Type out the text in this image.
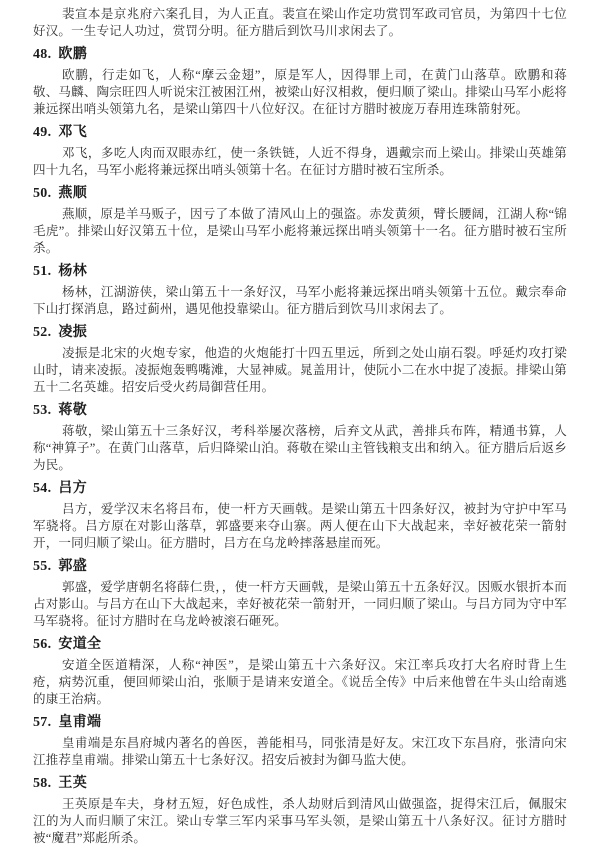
裴宣本是京兆府六案孔目，为人正直。裴宣在梁山作定功赏罚军政司官员，为第四十七位好汉。一生专记人功过，赏罚分明。征方腊后到饮马川求闲去了。

48. 欧鹏

欧鹏，行走如飞，人称“摩云金翅”，原是军人，因得罪上司，在黄门山落草。欧鹏和蒋敬、马麟、陶宗旺四人听说宋江被困江州，被梁山好汉相救，便归顺了梁山。排梁山马军小彪将兼远探出哨头领第九名，是梁山第四十八位好汉。在征讨方腊时被庞万春用连珠箭射死。

49. 邓飞

邓飞，多吃人肉而双眼赤红，使一条铁链，人近不得身，遇戴宗而上梁山。排梁山英雄第四十九名，马军小彪将兼远探出哨头领第十名。在征讨方腊时被石宝所杀。

50. 燕顺

燕顺，原是羊马贩子，因亏了本做了清风山上的强盗。赤发黄须，臂长腰阔，江湖人称“锦毛虎”。排梁山好汉第五十位，是梁山马军小彪将兼远探出哨头领第十一名。征方腊时被石宝所杀。

51. 杨林

杨林，江湖游侠，梁山第五十一条好汉，马军小彪将兼远探出哨头领第十五位。戴宗奉命下山打探消息，路过蓟州，遇见他投靠梁山。征方腊后到饮马川求闲去了。

52. 凌振

凌振是北宋的火炮专家，他造的火炮能打十四五里远，所到之处山崩石裂。呼延灼攻打梁山时，请来凌振。凌振炮轰鸭嘴滩，大显神威。晁盖用计，使阮小二在水中捉了凌振。排梁山第五十二名英雄。招安后受火药局御营任用。

53. 蒋敬

蒋敬，梁山第五十三条好汉，考科举屡次落榜，后弃文从武，善排兵布阵，精通书算，人称“神算子”。在黄门山落草，后归降梁山泊。蒋敬在梁山主管钱粮支出和纳入。征方腊后后返乡为民。

54. 吕方

吕方，爱学汉末名将吕布，使一杆方天画戟。是梁山第五十四条好汉，被封为守护中军马军骁将。吕方原在对影山落草，郭盛要来夺山寨。两人便在山下大战起来，幸好被花荣一箭射开，一同归顺了梁山。征方腊时，吕方在乌龙岭摔落悬崖而死。

55. 郭盛

郭盛，爱学唐朝名将薛仁贵，，使一杆方天画戟，是梁山第五十五条好汉。因贩水银折本而占对影山。与吕方在山下大战起来，幸好被花荣一箭射开，一同归顺了梁山。与吕方同为守中军马军骁将。征讨方腊时在乌龙岭被滚石砸死。

56. 安道全

安道全医道精深，人称“神医”，是梁山第五十六条好汉。宋江率兵攻打大名府时背上生疮，病势沉重，便回师梁山泊，张顺于是请来安道全。《说岳全传》中后来他曾在牛头山给南逃的康王治病。

57. 皇甫端

皇甫端是东昌府城内著名的兽医，善能相马，同张清是好友。宋江攻下东昌府，张清向宋江推荐皇甫端。排梁山第五十七条好汉。招安后被封为御马监大使。

58. 王英

王英原是车夫，身材五短，好色成性，杀人劫财后到清风山做强盗，捉得宋江后，佩服宋江的为人而归顺了宋江。梁山专掌三军内采事马军头领，是梁山第五十八条好汉。征讨方腊时被“魔君”郑彪所杀。
